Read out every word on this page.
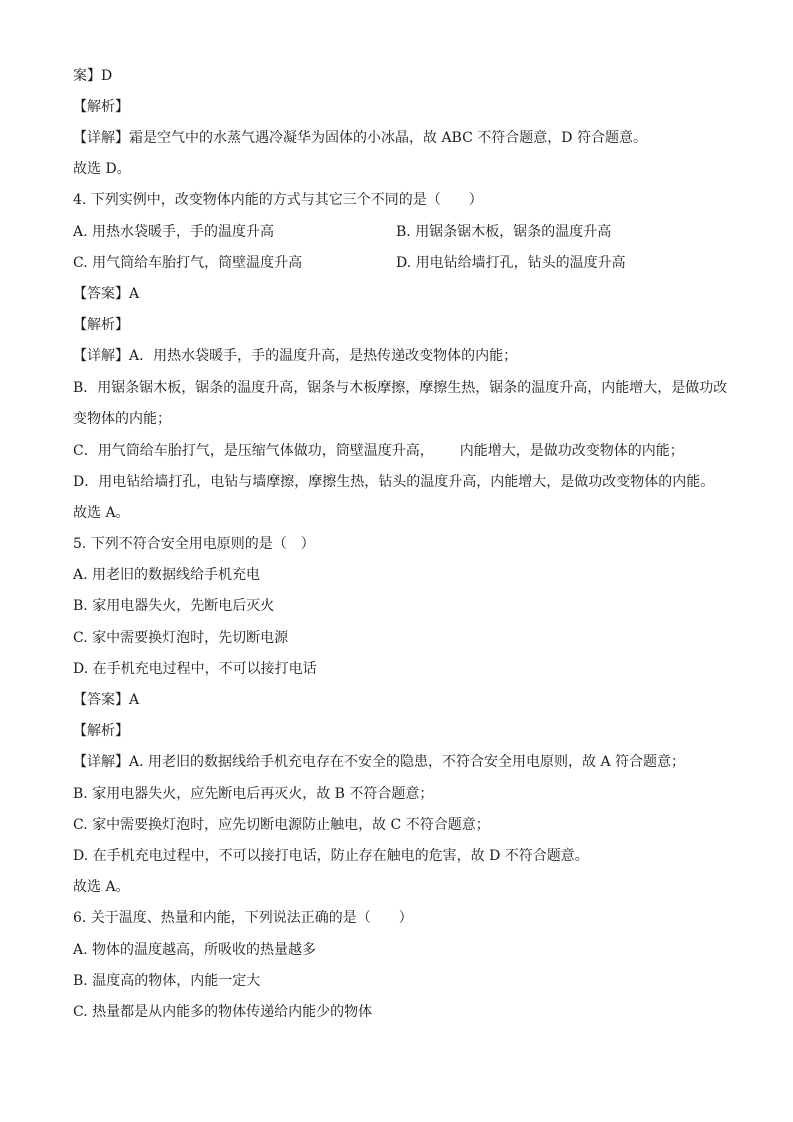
案】D
【解析】
【详解】霜是空气中的水蒸气遇冷凝华为固体的小冰晶，故 ABC 不符合题意，D 符合题意。
故选 D。
4. 下列实例中，改变物体内能的方式与其它三个不同的是（　　）
A. 用热水袋暖手，手的温度升高	B. 用锯条锯木板，锯条的温度升高
C. 用气筒给车胎打气，筒壁温度升高	D. 用电钻给墙打孔，钻头的温度升高
【答案】A
【解析】
【详解】A．用热水袋暖手，手的温度升高，是热传递改变物体的内能；
B．用锯条锯木板，锯条的温度升高，锯条与木板摩擦，摩擦生热，锯条的温度升高，内能增大，是做功改
变物体的内能；
C．用气筒给车胎打气，是压缩气体做功，筒壁温度升高， 内能增大，是做功改变物体的内能；
D．用电钻给墙打孔，电钻与墙摩擦，摩擦生热，钻头的温度升高，内能增大，是做功改变物体的内能。
故选 A。
5. 下列不符合安全用电原则的是（　）
A. 用老旧的数据线给手机充电
B. 家用电器失火，先断电后灭火
C. 家中需要换灯泡时，先切断电源
D. 在手机充电过程中，不可以接打电话
【答案】A
【解析】
【详解】A. 用老旧的数据线给手机充电存在不安全的隐患，不符合安全用电原则，故 A 符合题意；
B. 家用电器失火，应先断电后再灭火，故 B 不符合题意；
C. 家中需要换灯泡时，应先切断电源防止触电，故 C 不符合题意；
D. 在手机充电过程中，不可以接打电话，防止存在触电的危害，故 D 不符合题意。
故选 A。
6. 关于温度、热量和内能，下列说法正确的是（　　）
A. 物体的温度越高，所吸收的热量越多
B. 温度高的物体，内能一定大
C. 热量都是从内能多的物体传递给内能少的物体
